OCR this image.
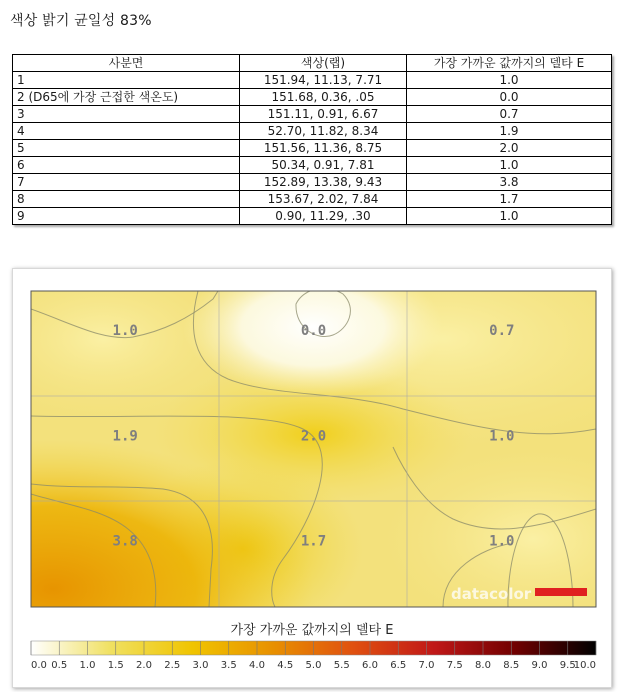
색상 밝기 균일성 83%
사분면	색상(랩)	가장 가까운 값까지의 델타 E
1	151.94, 11.13, 7.71	1.0
2 (D65에 가장 근접한 색온도)	151.68, 0.36, .05	0.0
3	151.11, 0.91, 6.67	0.7
4	52.70, 11.82, 8.34	1.9
5	151.56, 11.36, 8.75	2.0
6	50.34, 0.91, 7.81	1.0
7	152.89, 13.38, 9.43	3.8
8	153.67, 2.02, 7.84	1.7
9	0.90, 11.29, .30	1.0
1.0	0.0	0.7
1.9	2.0	1.0
3.8	1.7	1.0
datacolor
0.0 0.5 1.0 1.5 2.0 2.5 3.0 3.5 4.0 4.5 5.0 5.5 6.0 6.5 7.0 7.5 8.0 8.5 9.0 9.5
10.0
가장 가까운 값까지의 델타 E
